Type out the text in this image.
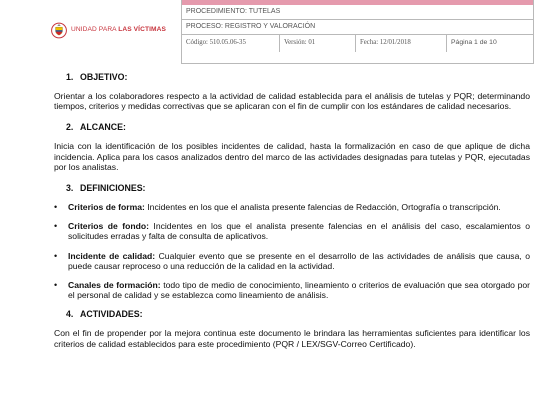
UNIDAD PARA LAS VÍCTIMAS
PROCEDIMIENTO: TUTELAS
PROCESO: REGISTRO Y VALORACIÓN
Código: 510.05.06-35	Versión: 01	Fecha: 12/01/2018	Página 1 de 10
1. OBJETIVO:

Orientar a los colaboradores respecto a la actividad de calidad establecida para el análisis de tutelas y PQR; determinando tiempos, criterios y medidas correctivas que se aplicaran con el fin de cumplir con los estándares de calidad necesarios.

2. ALCANCE:

Inicia con la identificación de los posibles incidentes de calidad, hasta la formalización en caso de que aplique de dicha incidencia. Aplica para los casos analizados dentro del marco de las actividades designadas para tutelas y PQR, ejecutadas por los analistas.

3. DEFINICIONES:
• Criterios de forma: Incidentes en los que el analista presente falencias de Redacción, Ortografía o transcripción.
• Criterios de fondo: Incidentes en los que el analista presente falencias en el análisis del caso, escalamientos o solicitudes erradas y falta de consulta de aplicativos.
• Incidente de calidad: Cualquier evento que se presente en el desarrollo de las actividades de análisis que causa, o puede causar reproceso o una reducción de la calidad en la actividad.
• Canales de formación: todo tipo de medio de conocimiento, lineamiento o criterios de evaluación que sea otorgado por el personal de calidad y se establezca como lineamiento de análisis.
4. ACTIVIDADES:

Con el fin de propender por la mejora continua este documento le brindara las herramientas suficientes para identificar los criterios de calidad establecidos para este procedimiento (PQR / LEX/SGV-Correo Certificado).
